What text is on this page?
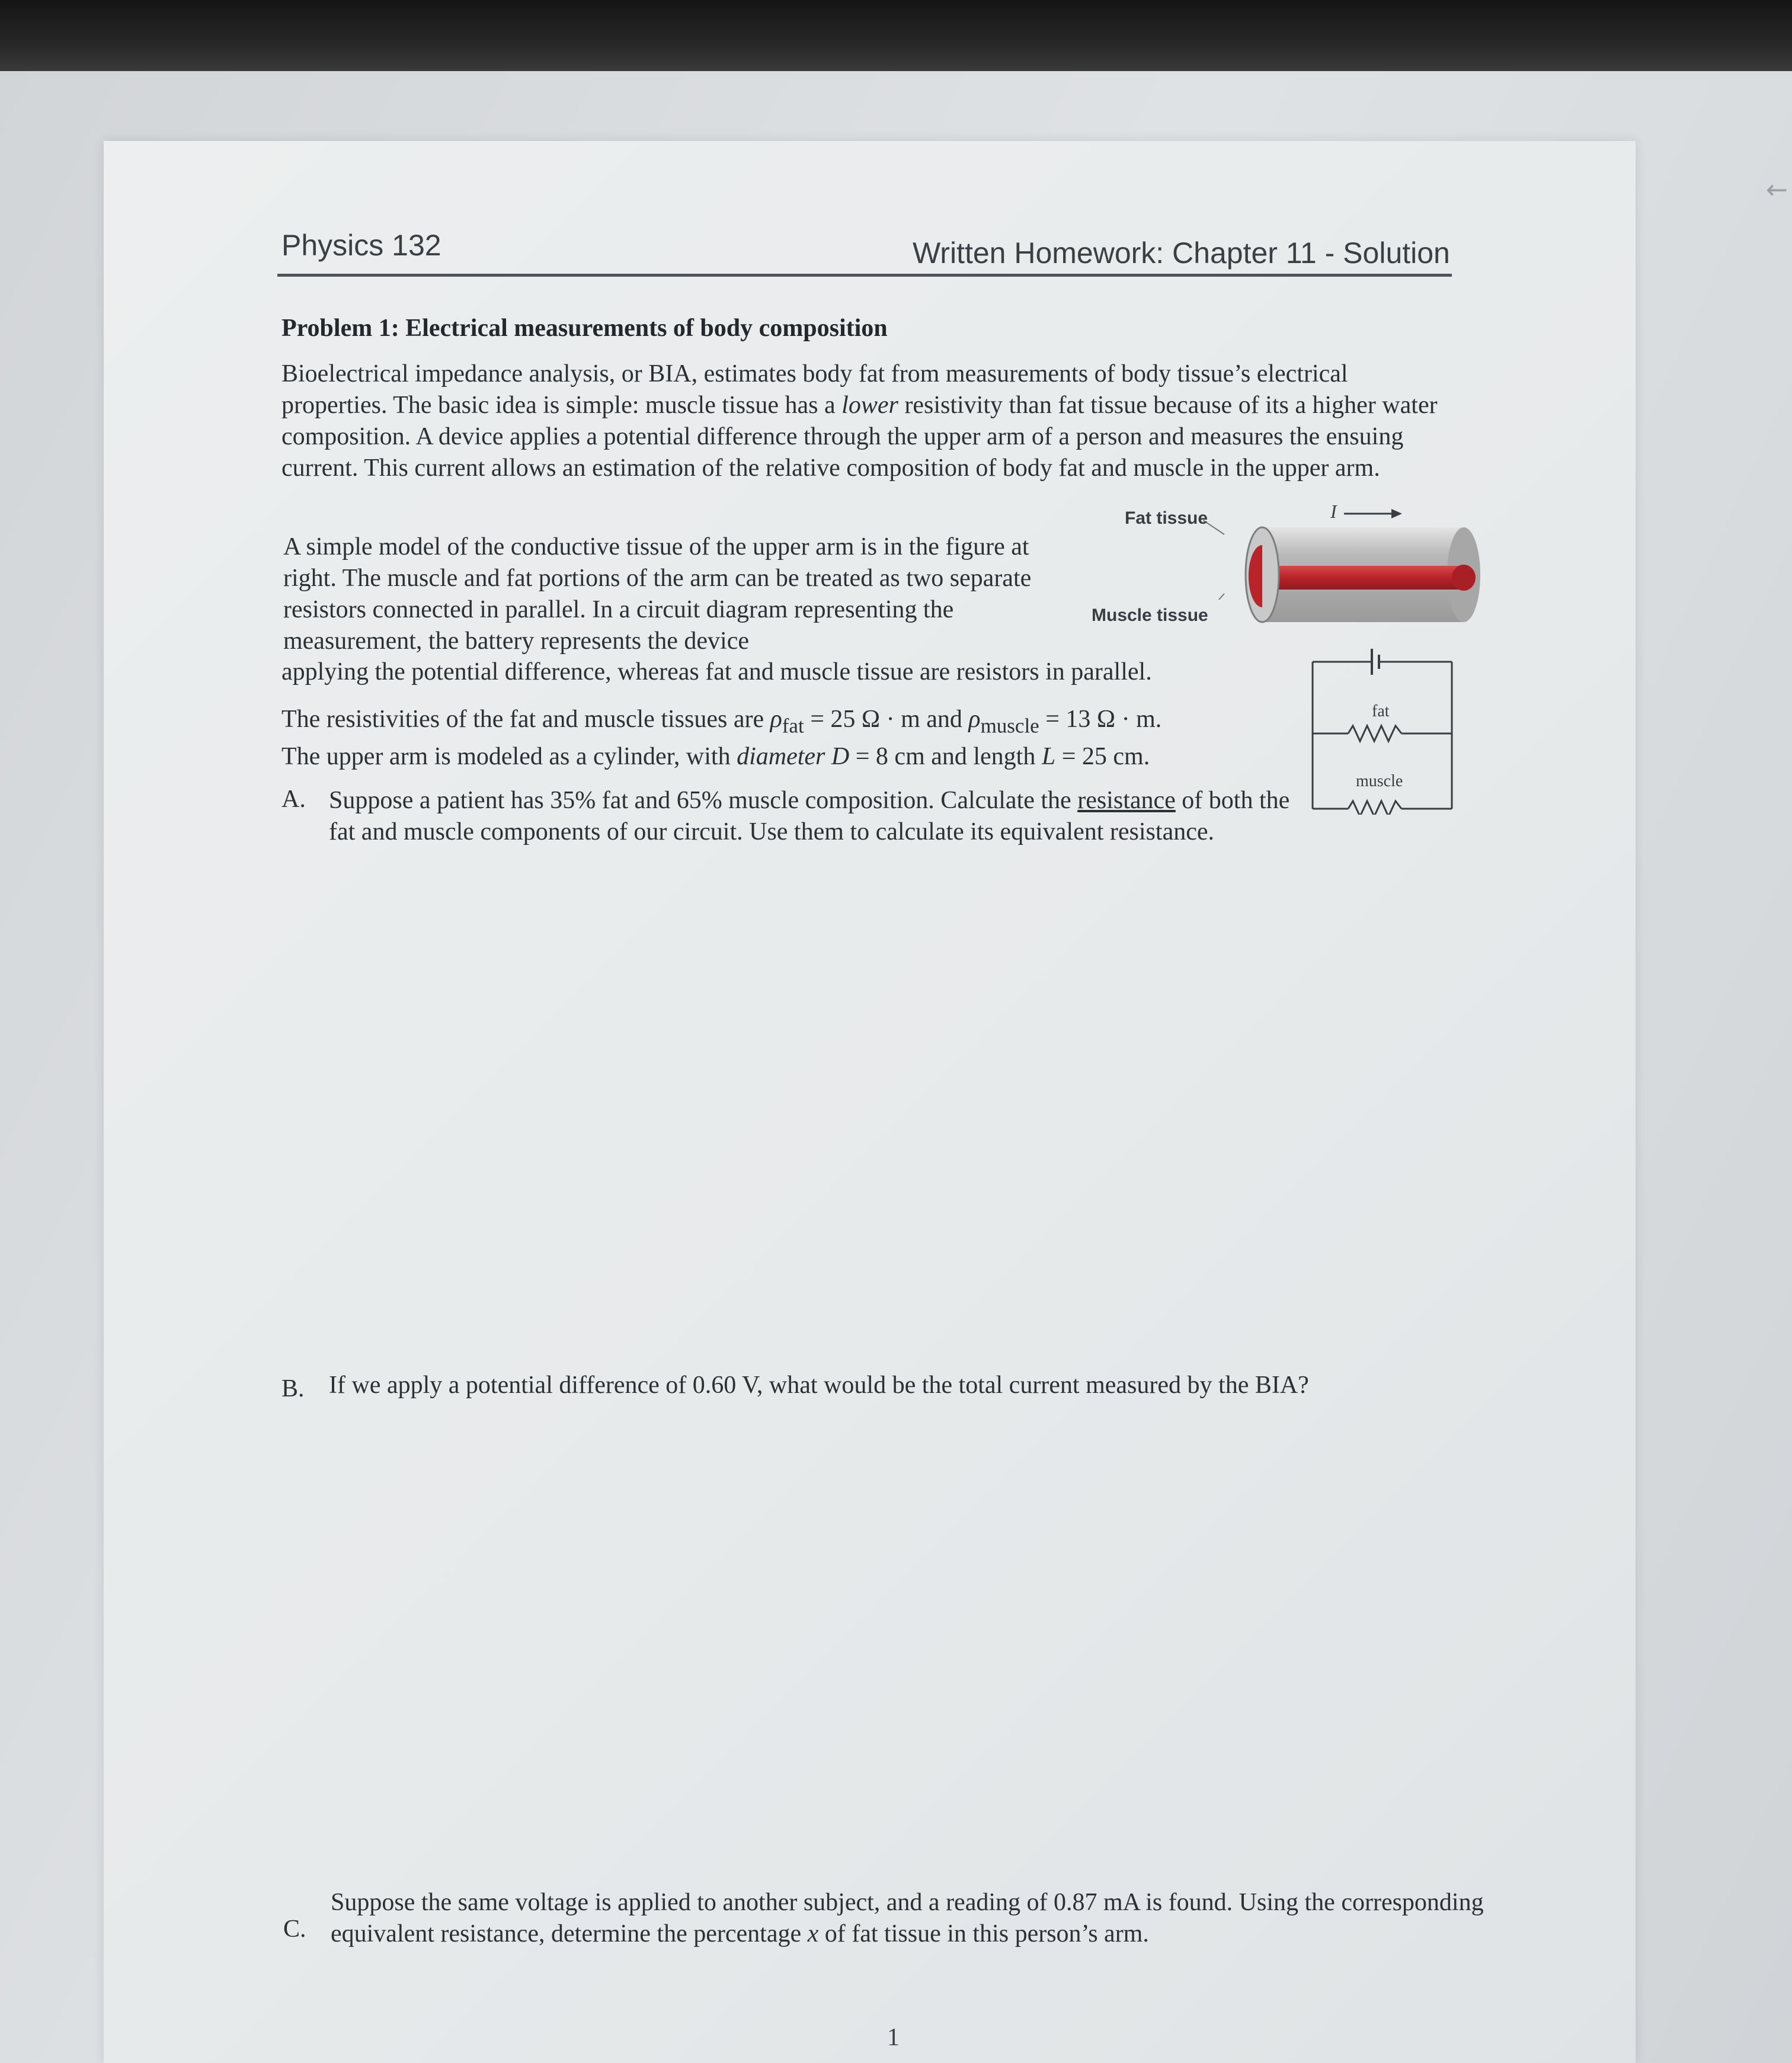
←
Physics 132	Written Homework: Chapter 11 - Solution
Problem 1: Electrical measurements of body composition
Bioelectrical impedance analysis, or BIA, estimates body fat from measurements of body tissue’s electrical properties. The basic idea is simple: muscle tissue has a lower resistivity than fat tissue because of its a higher water composition. A device applies a potential difference through the upper arm of a person and measures the ensuing current. This current allows an estimation of the relative composition of body fat and muscle in the upper arm.
A simple model of the conductive tissue of the upper arm is in the figure at right. The muscle and fat portions of the arm can be treated as two separate resistors connected in parallel. In a circuit diagram representing the measurement, the battery represents the device
applying the potential difference, whereas fat and muscle tissue are resistors in parallel.
The resistivities of the fat and muscle tissues are $\rho_{fat} = 25$ Ω · m and $\rho_{muscle} = 13$ Ω · m.
The upper arm is modeled as a cylinder, with diameter D = 8 cm and length L = 25 cm.
A. Suppose a patient has 35% fat and 65% muscle composition. Calculate the resistance of both the fat and muscle components of our circuit. Use them to calculate its equivalent resistance.
B. If we apply a potential difference of 0.60 V, what would be the total current measured by the BIA?
C.
Suppose the same voltage is applied to another subject, and a reading of 0.87 mA is found. Using the corresponding equivalent resistance, determine the percentage x of fat tissue in this person’s arm.
Fat tissue
Muscle tissue
I
fat
muscle
1
